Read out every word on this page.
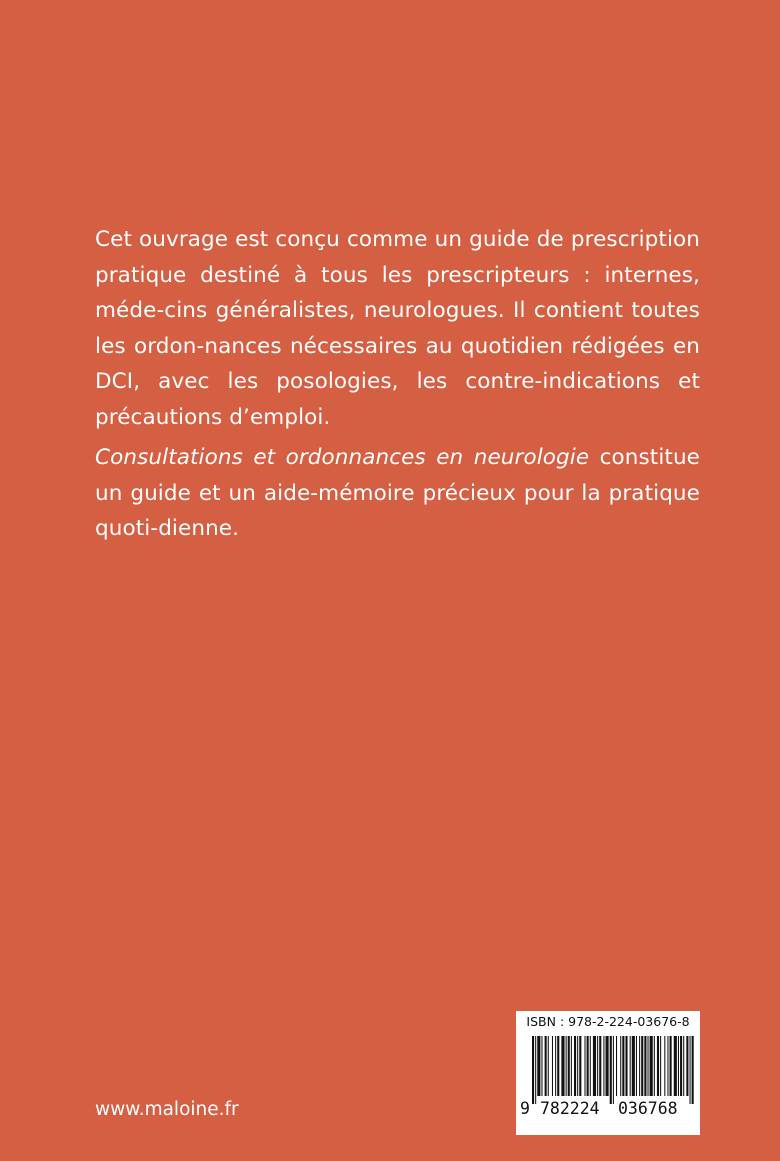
Cet ouvrage est conçu comme un guide de prescription pratique destiné à tous les prescripteurs : internes, méde-cins généralistes, neurologues. Il contient toutes les ordon-nances nécessaires au quotidien rédigées en DCI, avec les posologies, les contre-indications et précautions d’emploi.

Consultations et ordonnances en neurologie constitue un guide et un aide-mémoire précieux pour la pratique quoti-dienne.

www.maloine.fr
ISBN : 978-2-224-03676-8
9 782224 036768
